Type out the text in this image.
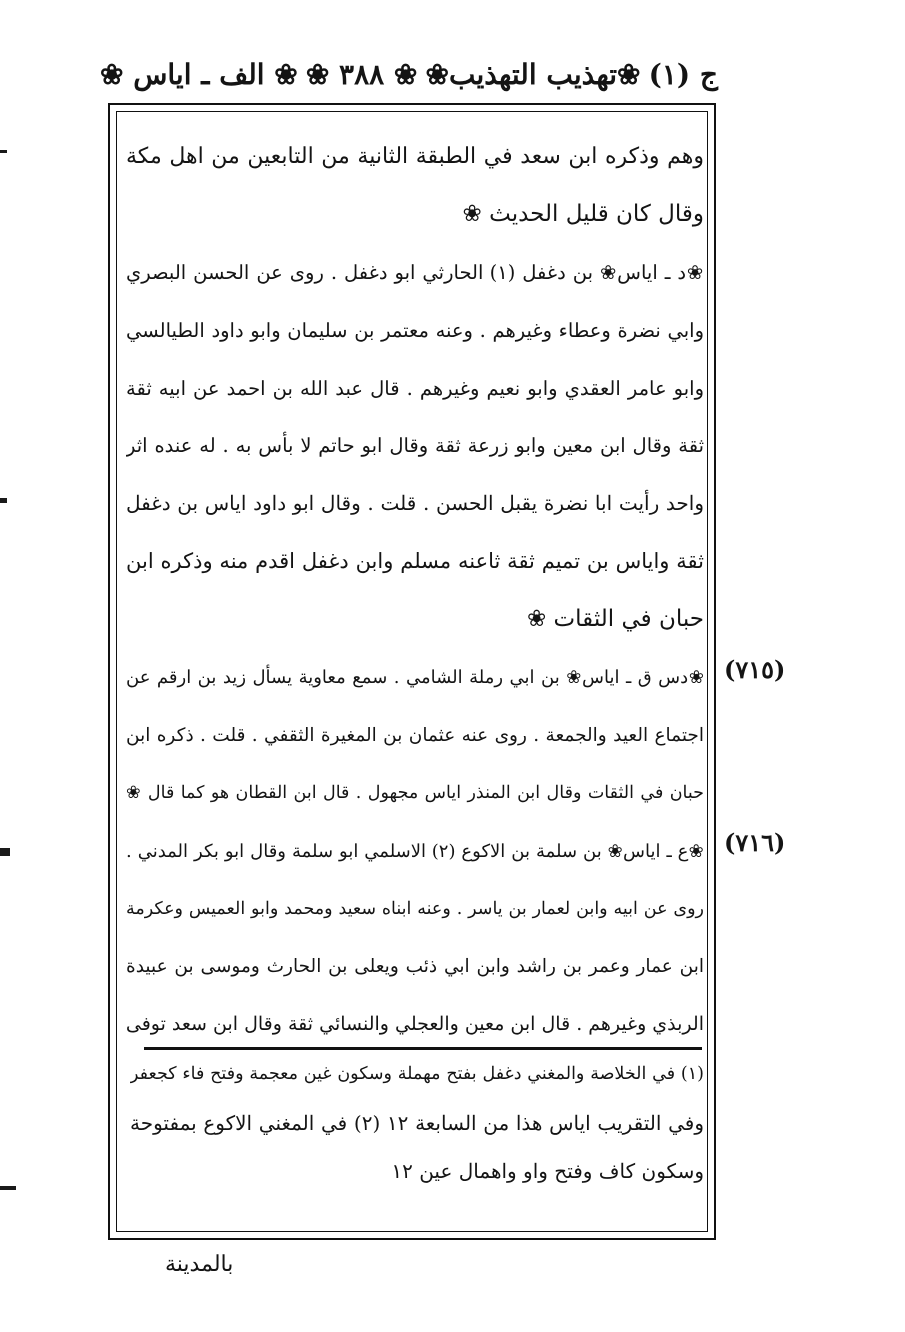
ج (١)
❀تهذيب التهذيب❀
❀ ٣٨٨ ❀
❀ الف ـ اياس ❀
وهم وذكره ابن سعد في الطبقة الثانية من التابعين من اهل مكة
وقال كان قليل الحديث ❀
❀د ـ اياس❀ بن دغفل (١) الحارثي ابو دغفل . روى عن الحسن البصري
وابي نضرة وعطاء وغيرهم . وعنه معتمر بن سليمان وابو داود الطيالسي
وابو عامر العقدي وابو نعيم وغيرهم . قال عبد الله بن احمد عن ابيه ثقة
ثقة وقال ابن معين وابو زرعة ثقة وقال ابو حاتم لا بأس به . له عنده اثر
واحد رأيت ابا نضرة يقبل الحسن . قلت . وقال ابو داود اياس بن دغفل
ثقة واياس بن تميم ثقة ثاعنه مسلم وابن دغفل اقدم منه وذكره ابن
حبان في الثقات ❀
❀دس ق ـ اياس❀ بن ابي رملة الشامي . سمع معاوية يسأل زيد بن ارقم عن
اجتماع العيد والجمعة . روى عنه عثمان بن المغيرة الثقفي . قلت . ذكره ابن
حبان في الثقات وقال ابن المنذر اياس مجهول . قال ابن القطان هو كما قال ❀
❀ع ـ اياس❀ بن سلمة بن الاكوع (٢) الاسلمي ابو سلمة وقال ابو بكر المدني .
روى عن ابيه وابن لعمار بن ياسر . وعنه ابناه سعيد ومحمد وابو العميس وعكرمة
ابن عمار وعمر بن راشد وابن ابي ذئب ويعلى بن الحارث وموسى بن عبيدة
الربذي وغيرهم . قال ابن معين والعجلي والنسائي ثقة وقال ابن سعد توفى
(٧١٥)
(٧١٦)
(١) في الخلاصة والمغني دغفل بفتح مهملة وسكون غين معجمة وفتح فاء كجعفر
وفي التقريب اياس هذا من السابعة ١٢ (٢) في المغني الاكوع بمفتوحة
وسكون كاف وفتح واو واهمال عين ١٢
بالمدينة
